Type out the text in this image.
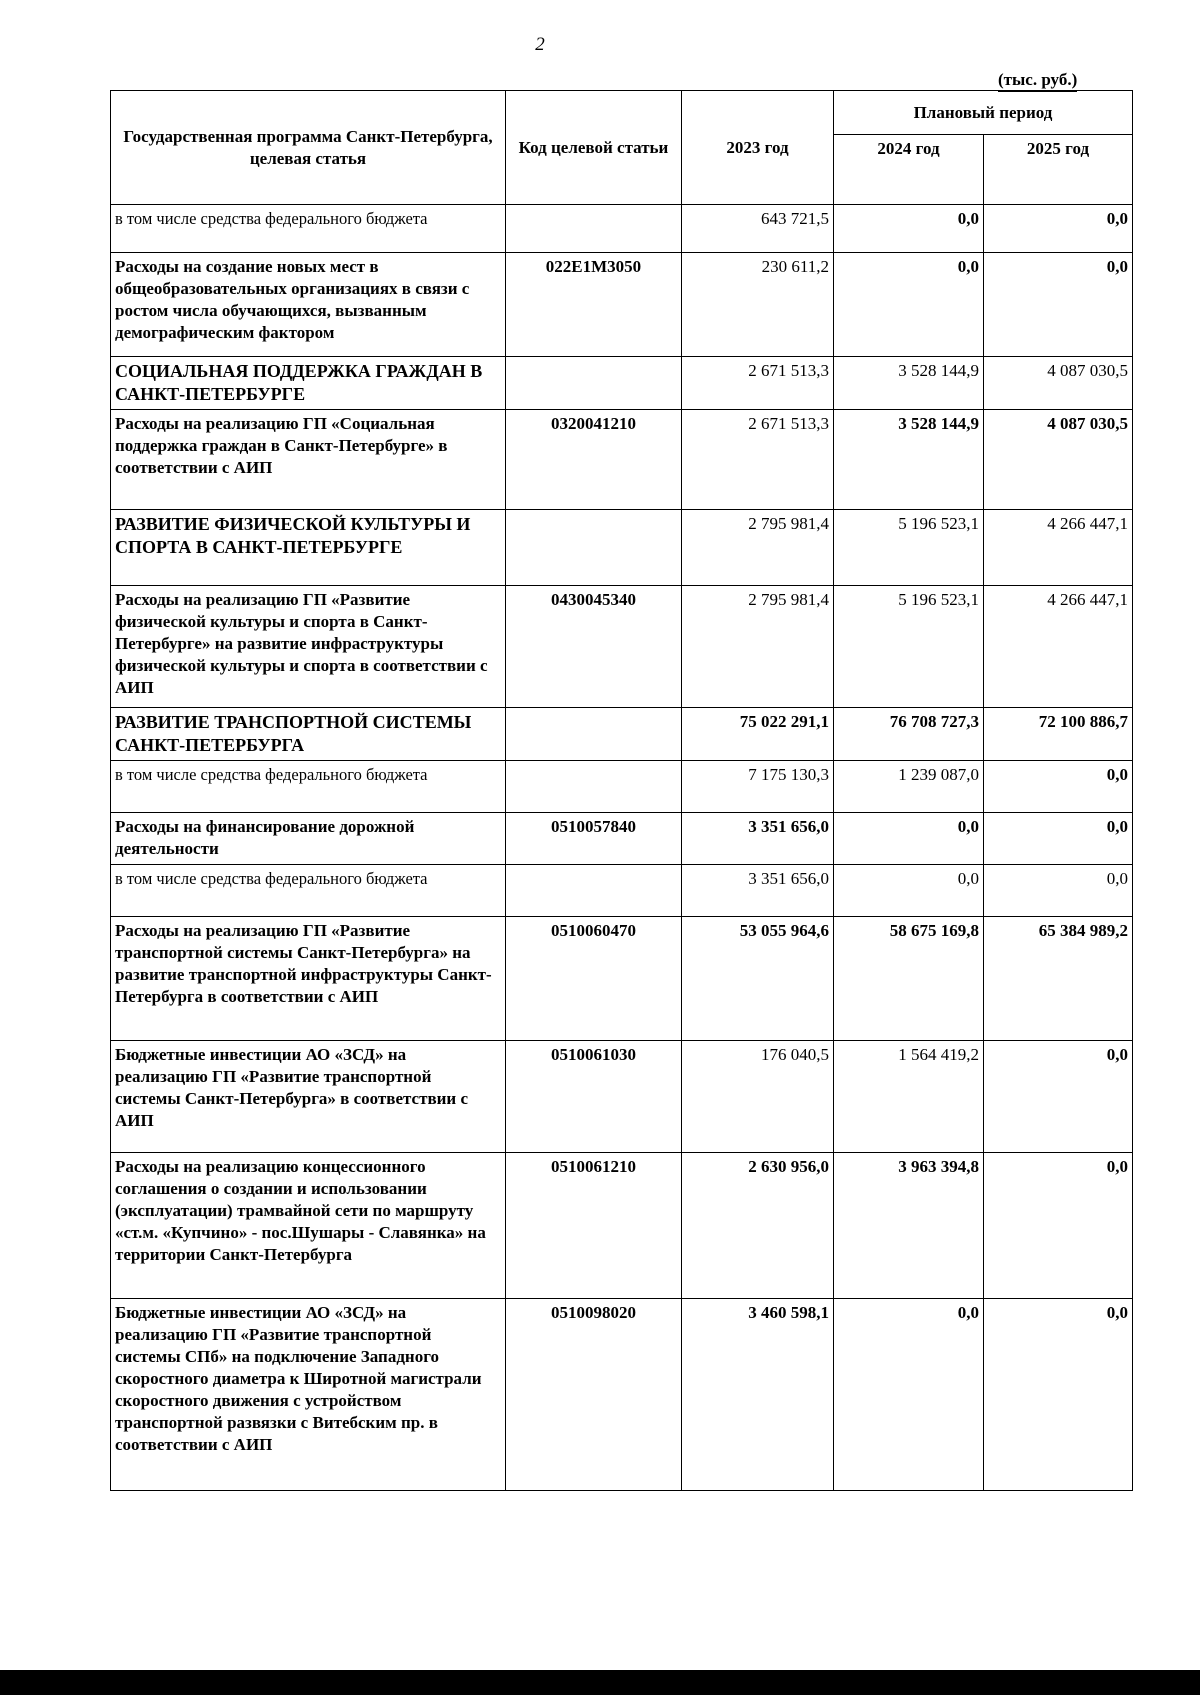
2
(тыс. руб.)
Государственная программа Санкт-Петербурга, целевая статья	Код целевой статьи	2023 год	Плановый период	
			2024 год	2025 год
в том числе средства федерального бюджета		643 721,5	0,0	0,0
Расходы на создание новых мест в общеобразовательных организациях в связи с ростом числа обучающихся, вызванным демографическим фактором	022E1M3050	230 611,2	0,0	0,0
СОЦИАЛЬНАЯ ПОДДЕРЖКА ГРАЖДАН В САНКТ-ПЕТЕРБУРГЕ		2 671 513,3	3 528 144,9	4 087 030,5
Расходы на реализацию ГП «Социальная поддержка граждан в Санкт-Петербурге» в соответствии с АИП	0320041210	2 671 513,3	3 528 144,9	4 087 030,5
РАЗВИТИЕ ФИЗИЧЕСКОЙ КУЛЬТУРЫ И СПОРТА В САНКТ-ПЕТЕРБУРГЕ		2 795 981,4	5 196 523,1	4 266 447,1
Расходы на реализацию ГП «Развитие физической культуры и спорта в Санкт-Петербурге» на развитие инфраструктуры физической культуры и спорта в соответствии с АИП	0430045340	2 795 981,4	5 196 523,1	4 266 447,1
РАЗВИТИЕ ТРАНСПОРТНОЙ СИСТЕМЫ САНКТ-ПЕТЕРБУРГА		75 022 291,1	76 708 727,3	72 100 886,7
в том числе средства федерального бюджета		7 175 130,3	1 239 087,0	0,0
Расходы на финансирование дорожной деятельности	0510057840	3 351 656,0	0,0	0,0
в том числе средства федерального бюджета		3 351 656,0	0,0	0,0
Расходы на реализацию ГП «Развитие транспортной системы Санкт-Петербурга» на развитие транспортной инфраструктуры Санкт-Петербурга в соответствии с АИП	0510060470	53 055 964,6	58 675 169,8	65 384 989,2
Бюджетные инвестиции АО «ЗСД» на реализацию ГП «Развитие транспортной системы Санкт-Петербурга» в соответствии с АИП	0510061030	176 040,5	1 564 419,2	0,0
Расходы на реализацию концессионного соглашения о создании и использовании (эксплуатации) трамвайной сети по маршруту «ст.м. «Купчино» - пос.Шушары - Славянка» на территории Санкт-Петербурга	0510061210	2 630 956,0	3 963 394,8	0,0
Бюджетные инвестиции АО «ЗСД» на реализацию ГП «Развитие транспортной системы СПб» на подключение Западного скоростного диаметра к Широтной магистрали скоростного движения с устройством транспортной развязки с Витебским пр. в соответствии с АИП	0510098020	3 460 598,1	0,0	0,0
